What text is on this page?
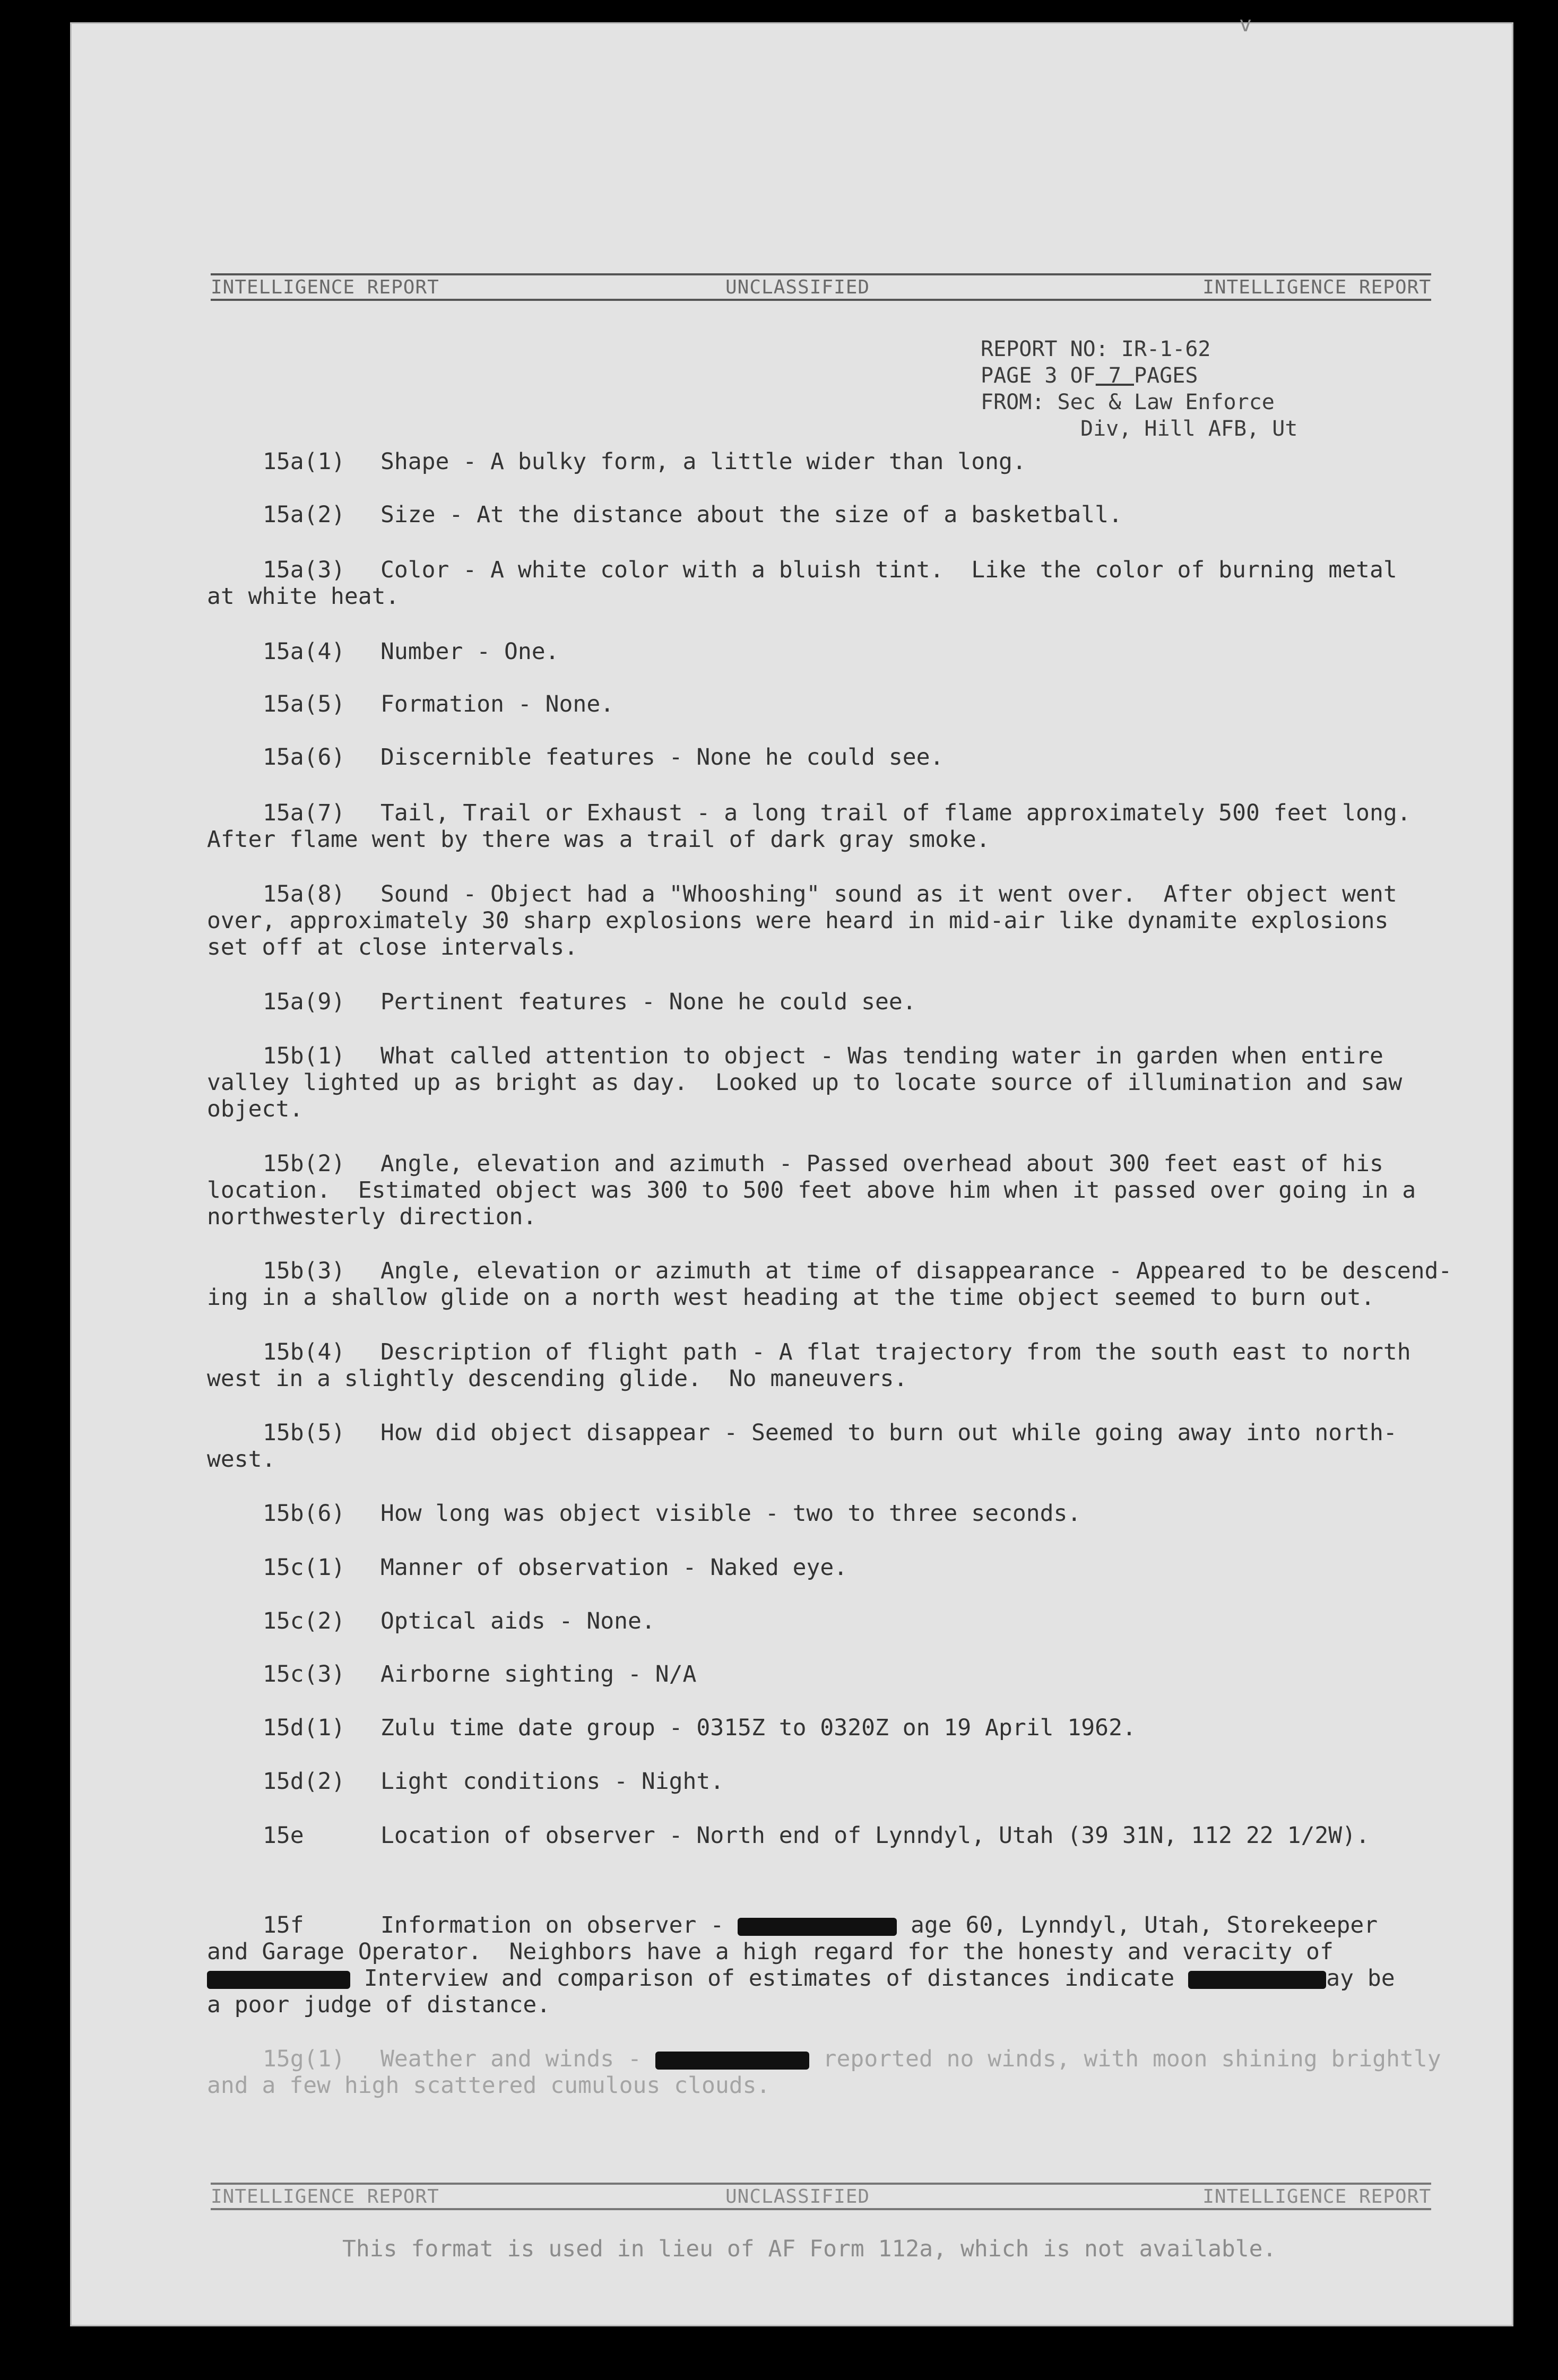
v
INTELLIGENCE REPORT	UNCLASSIFIED	INTELLIGENCE REPORT
REPORT NO: IR-1-62
PAGE 3 OF 7 PAGES
FROM: Sec & Law Enforce
Div, Hill AFB, Ut
15a(1) Shape - A bulky form, a little wider than long.
15a(2) Size - At the distance about the size of a basketball.
15a(3) Color - A white color with a bluish tint.  Like the color of burning metal
at white heat.
15a(4) Number - One.
15a(5) Formation - None.
15a(6) Discernible features - None he could see.
15a(7) Tail, Trail or Exhaust - a long trail of flame approximately 500 feet long.
After flame went by there was a trail of dark gray smoke.
15a(8) Sound - Object had a "Whooshing" sound as it went over.  After object went
over, approximately 30 sharp explosions were heard in mid-air like dynamite explosions
set off at close intervals.
15a(9) Pertinent features - None he could see.
15b(1) What called attention to object - Was tending water in garden when entire
valley lighted up as bright as day.  Looked up to locate source of illumination and saw
object.
15b(2) Angle, elevation and azimuth - Passed overhead about 300 feet east of his
location.  Estimated object was 300 to 500 feet above him when it passed over going in a
northwesterly direction.
15b(3) Angle, elevation or azimuth at time of disappearance - Appeared to be descend-
ing in a shallow glide on a north west heading at the time object seemed to burn out.
15b(4) Description of flight path - A flat trajectory from the south east to north
west in a slightly descending glide.  No maneuvers.
15b(5) How did object disappear - Seemed to burn out while going away into north-
west.
15b(6) How long was object visible - two to three seconds.
15c(1) Manner of observation - Naked eye.
15c(2) Optical aids - None.
15c(3) Airborne sighting - N/A
15d(1) Zulu time date group - 0315Z to 0320Z on 19 April 1962.
15d(2) Light conditions - Night.
15e	Location of observer - North end of Lynndyl, Utah (39 31N, 112 22 1/2W).
15f	Information on observer -	age 60, Lynndyl, Utah, Storekeeper
and Garage Operator.  Neighbors have a high regard for the honesty and veracity of
Interview and comparison of estimates of distances indicate	ay be
a poor judge of distance.
15g(1) Weather and winds -	reported no winds, with moon shining brightly
and a few high scattered cumulous clouds.
INTELLIGENCE REPORT	UNCLASSIFIED	INTELLIGENCE REPORT
This format is used in lieu of AF Form 112a, which is not available.
